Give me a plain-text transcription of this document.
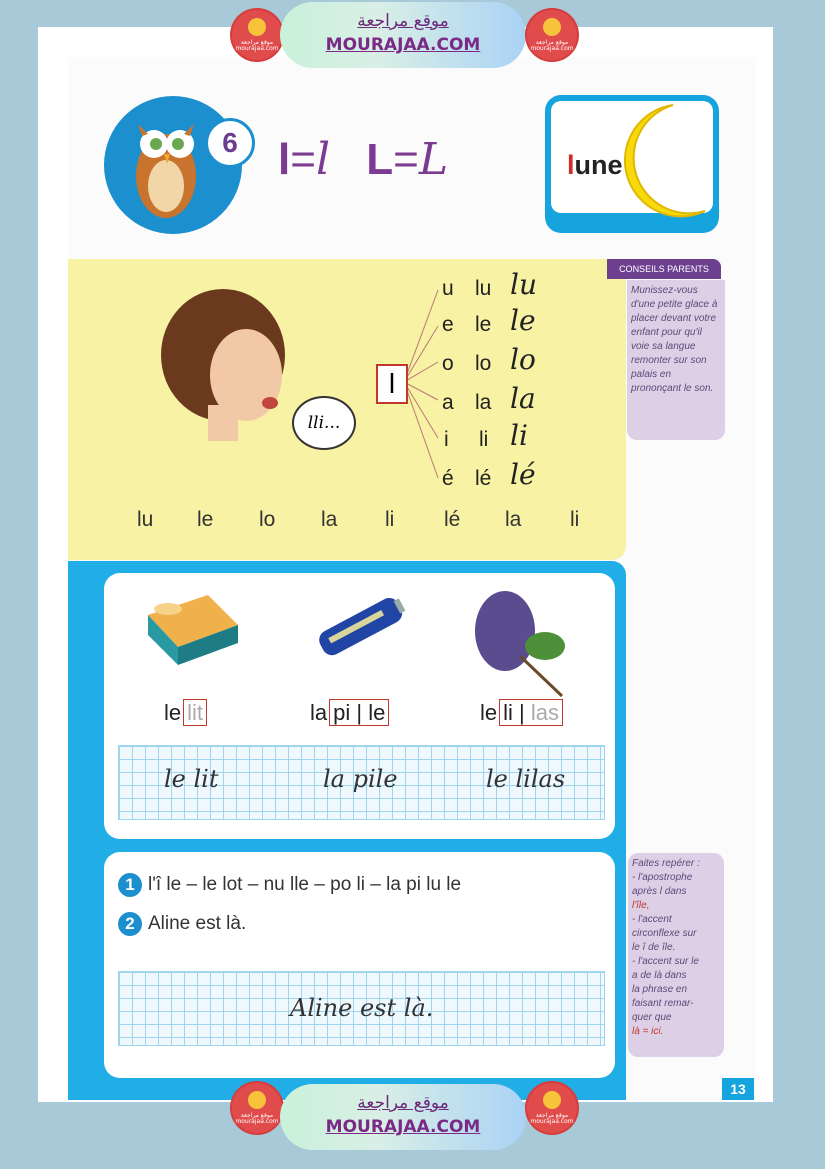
موقع مراجعة mourajaa.com
موقع مراجعة
MOURAJAA.COM	موقع مراجعة mourajaa.com
6 l=l L=L	lune
lli...
l
u lu lu
e le le
o lo lo
a la la
i li li
é lé lé
lu le lo la li lé la li
CONSEILS PARENTS
Munissez-vous d'une petite glace à placer devant votre enfant pour qu'il voie sa langue remonter sur son palais en prononçant le son.
le lit	la pi | le	le li | las
le lit	la pile	le lilas
1 l'î le – le lot – nu lle – po li – la pi lu le
2 Aline est là.
Aline est là.
Faites repérer :
- l'apostrophe
après l dans
l'île,
- l'accent
circonflexe sur
le î de île.
- l'accent sur le
a de là dans
la phrase en
faisant remar-
quer que
là = ici.
13
موقع مراجعة mourajaa.com
موقع مراجعة
MOURAJAA.COM
موقع مراجعة mourajaa.com
